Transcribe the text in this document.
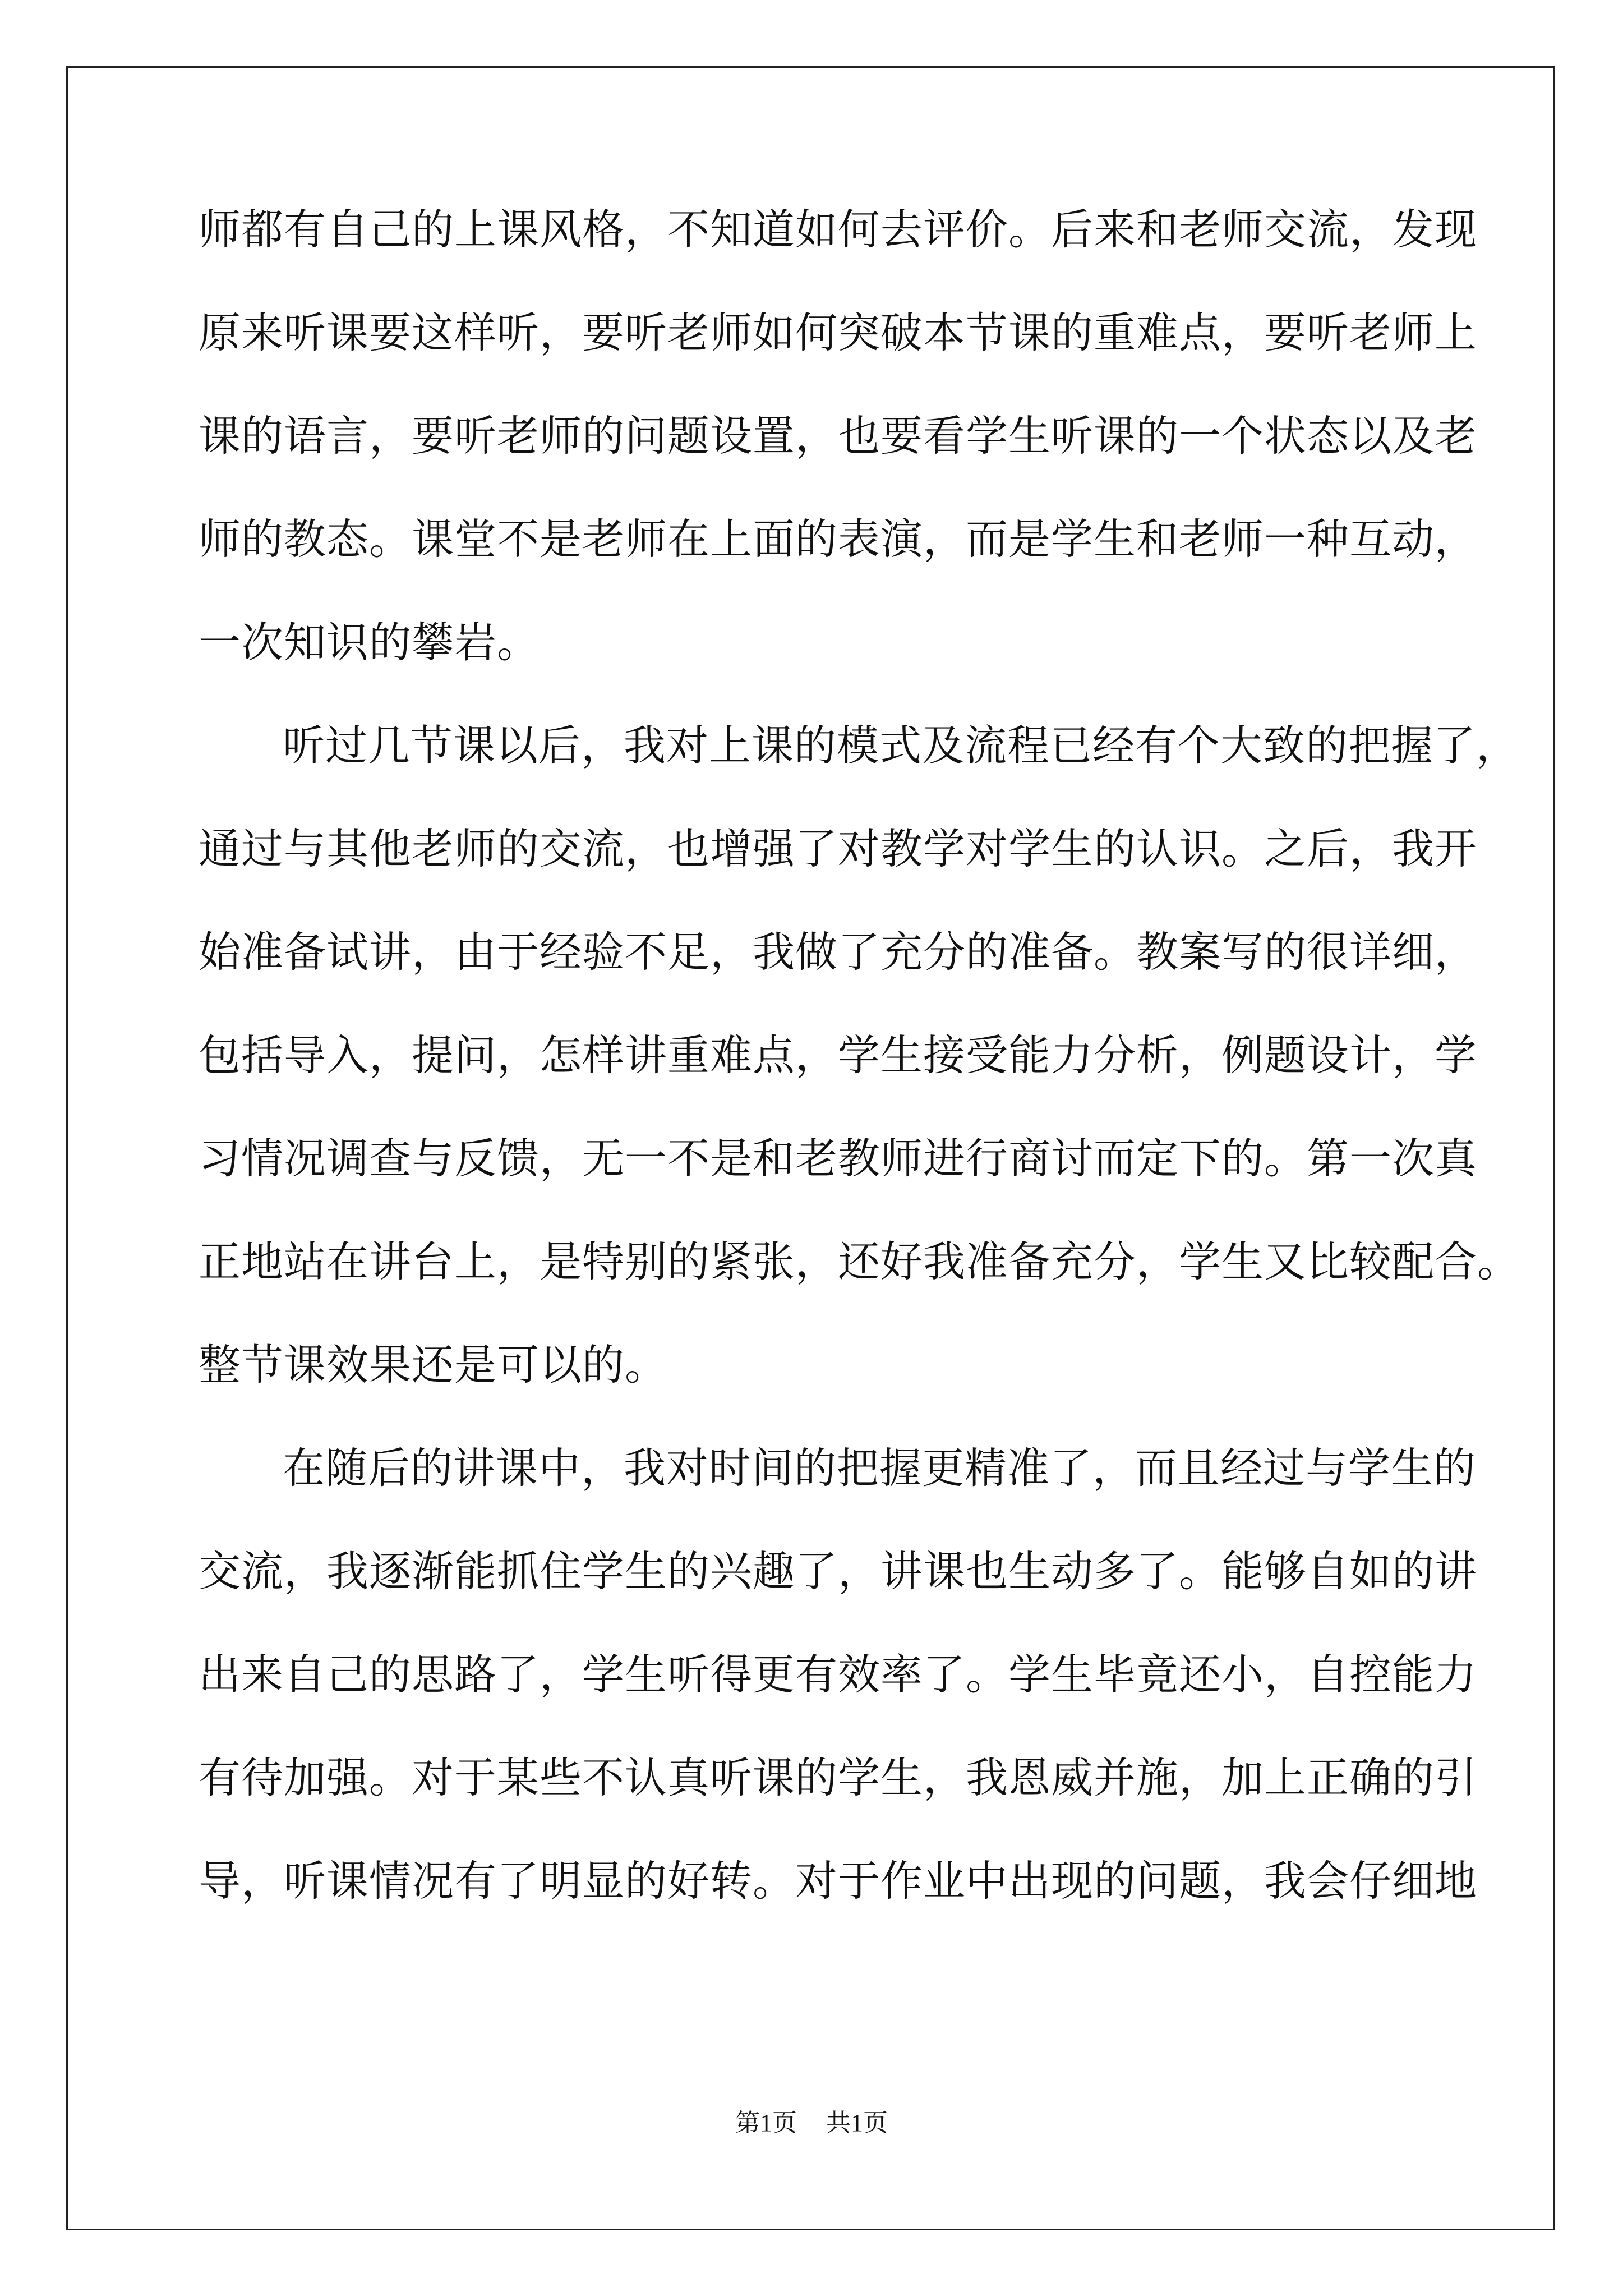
师都有自己的上课风格，不知道如何去评价。后来和老师交流，发现
原来听课要这样听，要听老师如何突破本节课的重难点，要听老师上
课的语言，要听老师的问题设置，也要看学生听课的一个状态以及老
师的教态。课堂不是老师在上面的表演，而是学生和老师一种互动，
一次知识的攀岩。
听过几节课以后，我对上课的模式及流程已经有个大致的把握了，
通过与其他老师的交流，也增强了对教学对学生的认识。之后，我开
始准备试讲，由于经验不足，我做了充分的准备。教案写的很详细，
包括导入，提问，怎样讲重难点，学生接受能力分析，例题设计，学
习情况调查与反馈，无一不是和老教师进行商讨而定下的。第一次真
正地站在讲台上，是特别的紧张，还好我准备充分，学生又比较配合。
整节课效果还是可以的。
在随后的讲课中，我对时间的把握更精准了，而且经过与学生的
交流，我逐渐能抓住学生的兴趣了，讲课也生动多了。能够自如的讲
出来自己的思路了，学生听得更有效率了。学生毕竟还小，自控能力
有待加强。对于某些不认真听课的学生，我恩威并施，加上正确的引
导，听课情况有了明显的好转。对于作业中出现的问题，我会仔细地
第1页 共1页
